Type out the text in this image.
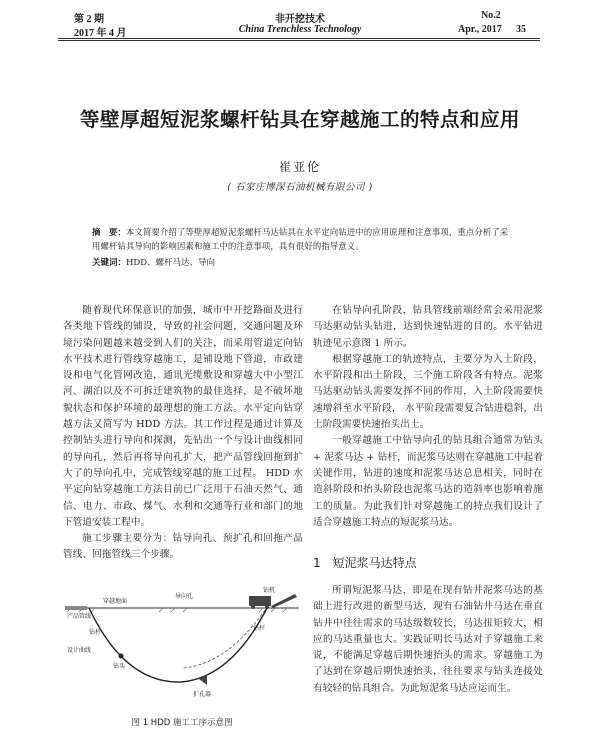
第 2 期
2017 年 4 月
非开挖技术
China Trenchless Technology
No.2
Apr., 2017 35
等壁厚超短泥浆螺杆钻具在穿越施工的特点和应用
崔亚伦
( 石家庄博深石油机械有限公司 )
摘　要：本文简要介绍了等壁厚超短泥浆螺杆马达钻具在水平定向钻进中的应用原理和注意事项，重点分析了采用螺杆钻具导向的影响因素和施工中的注意事项，具有很好的指导意义。
关键词：HDD、螺杆马达、导向

随着现代环保意识的加强，城市中开挖路面及进行各类地下管线的铺设，导致的社会问题，交通问题及环境污染问题越来越受到人们的关注，而采用管道定向钻水平技术进行管线穿越施工，是铺设地下管道，市政建设和电气化管网改造，通讯光缆敷设和穿越大中小型江河、湖泊以及不可拆迁建筑物的最佳选择，是不破坏地貌状态和保护环境的最理想的施工方法。水平定向钻穿越方法又简写为 HDD 方法。其工作过程是通过计算及控制钻头进行导向和探测，先钻出一个与设计曲线相同的导向孔，然后再将导向孔扩大，把产品管线回拖到扩大了的导向孔中，完成管线穿越的施工过程。 HDD 水平定向钻穿越施工方法目前已广泛用于石油天然气、通信、电力、市政、煤气、水利和交通等行业和部门的地下管道安装工程中。

施工步骤主要分为：钻导向孔、预扩孔和回拖产品管线、回拖管线三个步骤。

穿越地面
导向孔
钻机
钻杆
钻杆
设计曲线
钻头
扩孔器
产品管线
图 1 HDD 施工工序示意图

在钻导向孔阶段，钻具管线前端经常会采用泥浆马达驱动钻头钻进，达到快速钻进的目的。水平钻进轨迹见示意图 1 所示。

根据穿越施工的轨迹特点，主要分为入土阶段，水平阶段和出土阶段，三个施工阶段各有特点。泥浆马达驱动钻头需要发挥不同的作用，入土阶段需要快速增斜至水平阶段， 水平阶段需要复合钻进稳斜，出土阶段需要快速抬头出土。

一般穿越施工中钻导向孔的钻具组合通常为钻头 + 泥浆马达 + 钻杆，而泥浆马达则在穿越施工中起着关键作用，钻进的速度和泥浆马达总息相关，同时在造斜阶段和抬头阶段也泥浆马达的造斜率也影响着施工的质量。为此我们针对穿越施工的特点我们设计了适合穿越施工特点的短泥浆马达。

1　短泥浆马达特点

所谓短泥浆马达，即是在现有钻井泥浆马达的基础上进行改进的新型马达，现有石油钻井马达在垂直钻井中往往需求的马达级数较长，马达扭矩较大，相应的马达重量也大。实践证明长马达对于穿越施工来说，不能满足穿越后期快速抬头的需求。穿越施工为了达到在穿越后期快速抬头，往往要求与钻头连接处有较轻的钻具组合。为此短泥浆马达应运而生。
